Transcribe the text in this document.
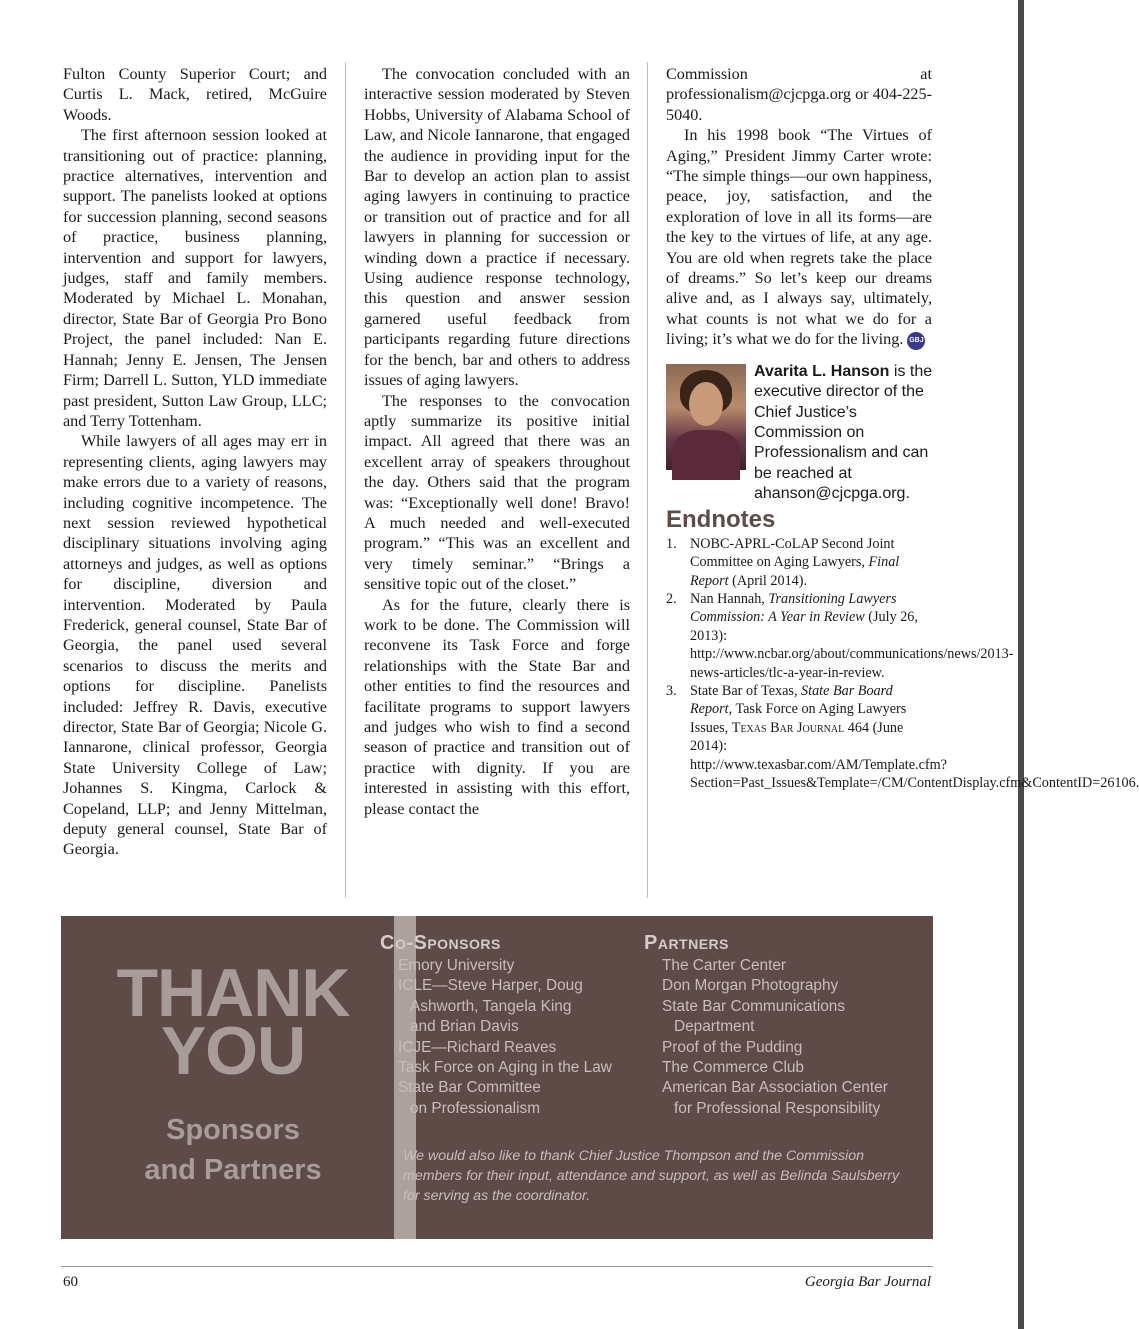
Fulton County Superior Court; and Curtis L. Mack, retired, McGuire Woods.

The first afternoon session looked at transitioning out of practice: planning, practice alternatives, intervention and support. The panelists looked at options for succession planning, second seasons of practice, business planning, intervention and support for lawyers, judges, staff and family members. Moderated by Michael L. Monahan, director, State Bar of Georgia Pro Bono Project, the panel included: Nan E. Hannah; Jenny E. Jensen, The Jensen Firm; Darrell L. Sutton, YLD immediate past president, Sutton Law Group, LLC; and Terry Tottenham.

While lawyers of all ages may err in representing clients, aging lawyers may make errors due to a variety of reasons, including cognitive incompetence. The next session reviewed hypothetical disciplinary situations involving aging attorneys and judges, as well as options for discipline, diversion and intervention. Moderated by Paula Frederick, general counsel, State Bar of Georgia, the panel used several scenarios to discuss the merits and options for discipline. Panelists included: Jeffrey R. Davis, executive director, State Bar of Georgia; Nicole G. Iannarone, clinical professor, Georgia State University College of Law; Johannes S. Kingma, Carlock & Copeland, LLP; and Jenny Mittelman, deputy general counsel, State Bar of Georgia.

The convocation concluded with an interactive session moderated by Steven Hobbs, University of Alabama School of Law, and Nicole Iannarone, that engaged the audience in providing input for the Bar to develop an action plan to assist aging lawyers in continuing to practice or transition out of practice and for all lawyers in planning for succession or winding down a practice if necessary. Using audience response technology, this question and answer session garnered useful feedback from participants regarding future directions for the bench, bar and others to address issues of aging lawyers.

The responses to the convocation aptly summarize its positive initial impact. All agreed that there was an excellent array of speakers throughout the day. Others said that the program was: “Exceptionally well done! Bravo! A much needed and well-executed program.” “This was an excellent and very timely seminar.” “Brings a sensitive topic out of the closet.”

As for the future, clearly there is work to be done. The Commission will reconvene its Task Force and forge relationships with the State Bar and other entities to find the resources and facilitate programs to support lawyers and judges who wish to find a second season of practice and transition out of practice with dignity. If you are interested in assisting with this effort, please contact the

Commission at professionalism@cjcpga.org or 404-225-5040.

In his 1998 book “The Virtues of Aging,” President Jimmy Carter wrote: “The simple things—our own happiness, peace, joy, satisfaction, and the exploration of love in all its forms—are the key to the virtues of life, at any age. You are old when regrets take the place of dreams.” So let’s keep our dreams alive and, as I always say, ultimately, what counts is not what we do for a living; it’s what we do for the living. GBJ

Avarita L. Hanson is the executive director of the Chief Justice’s Commission on Professionalism and can be reached at ahanson@cjcpga.org.
Endnotes
1. NOBC-APRL-CoLAP Second Joint Committee on Aging Lawyers, Final Report (April 2014).
2. Nan Hannah, Transitioning Lawyers Commission: A Year in Review (July 26, 2013): http://www.ncbar.org/about/communications/news/2013-news-articles/tlc-a-year-in-review.
3. State Bar of Texas, State Bar Board Report, Task Force on Aging Lawyers Issues, Texas Bar Journal 464 (June 2014): http://www.texasbar.com/AM/Template.cfm?Section=Past_Issues&Template=/CM/ContentDisplay.cfm&ContentID=26106.
THANK
YOU
Sponsors
and Partners
Co-Sponsors
Emory University
ICLE—Steve Harper, Doug
Ashworth, Tangela King
and Brian Davis
ICJE—Richard Reaves
Task Force on Aging in the Law
State Bar Committee
on Professionalism
Partners
The Carter Center
Don Morgan Photography
State Bar Communications
Department
Proof of the Pudding
The Commerce Club
American Bar Association Center
for Professional Responsibility
We would also like to thank Chief Justice Thompson and the Commission members for their input, attendance and support, as well as Belinda Saulsberry for serving as the coordinator.
60	Georgia Bar Journal
